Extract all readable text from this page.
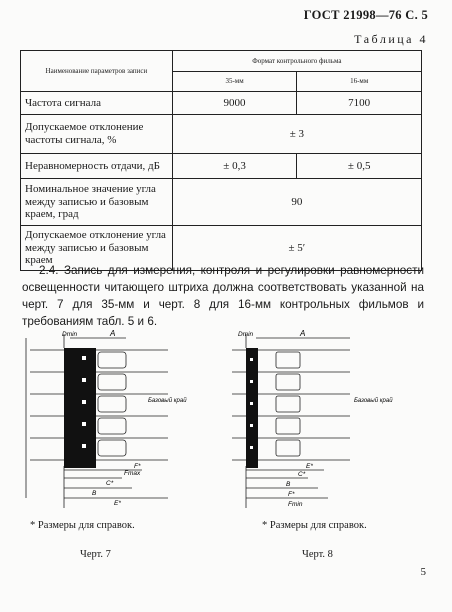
ГОСТ 21998—76 С. 5
Таблица 4
Наименование параметров записи	Формат контрольного фильма	
	35-мм	16-мм
Частота сигнала	9000	7100
Допускаемое отклонение частоты сигнала, %	± 3	
Неравномерность отдачи, дБ	± 0,3	± 0,5
Номинальное значение угла между записью и базовым краем, град	90	
Допускаемое отклонение угла между записью и базовым краем	± 5′	
2.4. Запись для измерения, контроля и регулировки равномерности освещенности читающего штриха должна соответствовать указанной на черт. 7 для 35-мм и черт. 8 для 16-мм контрольных фильмов и требованиям табл. 5 и 6.
Dmin	A
Базовый край
F*
Fmax
C*
B
E*
Dmin	A
Базовый край
E*
C*
B
F*
Fmin
* Размеры для справок.	* Размеры для справок.
Черт. 7	Черт. 8
5
